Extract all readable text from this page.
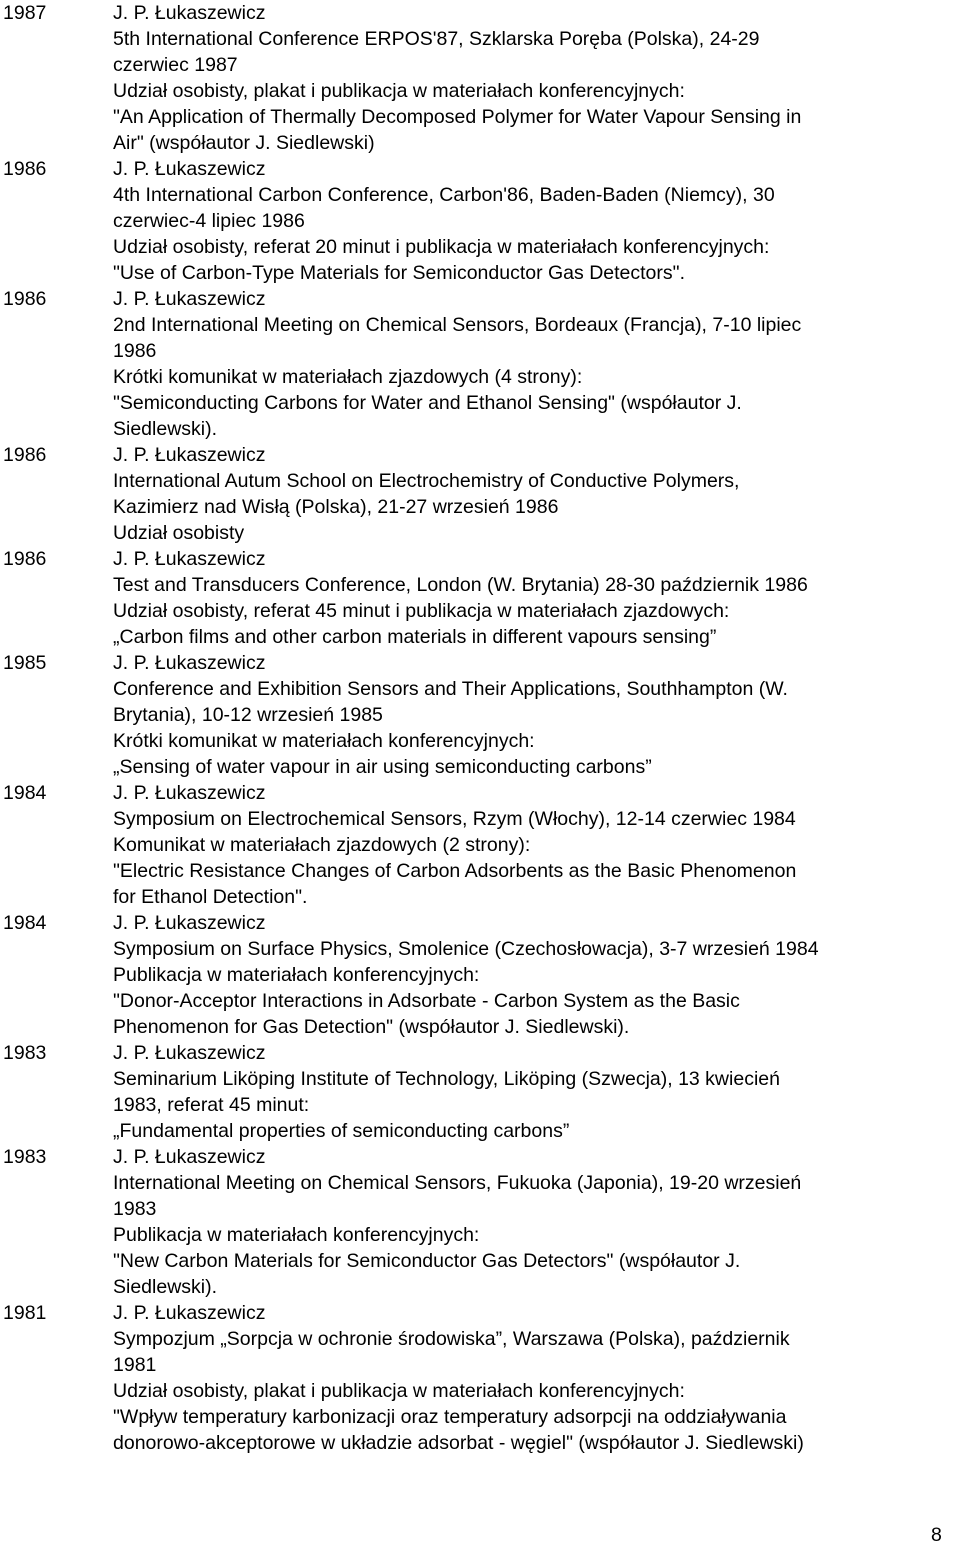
1987	J. P. Łukaszewicz
5th International Conference ERPOS'87, Szklarska Poręba (Polska), 24-29
czerwiec 1987
Udział osobisty, plakat i publikacja w materiałach konferencyjnych:
"An Application of Thermally Decomposed Polymer for Water Vapour Sensing in
Air" (współautor J. Siedlewski)
1986	J. P. Łukaszewicz
4th International Carbon Conference, Carbon'86, Baden-Baden (Niemcy), 30
czerwiec-4 lipiec 1986
Udział osobisty, referat 20 minut i publikacja w materiałach konferencyjnych:
"Use of Carbon-Type Materials for Semiconductor Gas Detectors".
1986	J. P. Łukaszewicz
2nd International Meeting on Chemical Sensors, Bordeaux (Francja), 7-10 lipiec
1986
Krótki komunikat w materiałach zjazdowych (4 strony):
"Semiconducting Carbons for Water and Ethanol Sensing" (współautor J.
Siedlewski).
1986	J. P. Łukaszewicz
International Autum School on Electrochemistry of Conductive Polymers,
Kazimierz nad Wisłą (Polska), 21-27 wrzesień 1986
Udział osobisty
1986	J. P. Łukaszewicz
Test and Transducers Conference, London (W. Brytania) 28-30 październik 1986
Udział osobisty, referat 45 minut i publikacja w materiałach zjazdowych:
„Carbon films and other carbon materials in different vapours sensing”
1985	J. P. Łukaszewicz
Conference and Exhibition Sensors and Their Applications, Southhampton (W.
Brytania), 10-12 wrzesień 1985
Krótki komunikat w materiałach konferencyjnych:
„Sensing of water vapour in air using semiconducting carbons”
1984	J. P. Łukaszewicz
Symposium on Electrochemical Sensors, Rzym (Włochy), 12-14 czerwiec 1984
Komunikat w materiałach zjazdowych (2 strony):
"Electric Resistance Changes of Carbon Adsorbents as the Basic Phenomenon
for Ethanol Detection".
1984	J. P. Łukaszewicz
Symposium on Surface Physics, Smolenice (Czechosłowacja), 3-7 wrzesień 1984
Publikacja w materiałach konferencyjnych:
"Donor-Acceptor Interactions in Adsorbate - Carbon System as the Basic
Phenomenon for Gas Detection" (współautor J. Siedlewski).
1983	J. P. Łukaszewicz
Seminarium Liköping Institute of Technology, Liköping (Szwecja), 13 kwiecień
1983, referat 45 minut:
„Fundamental properties of semiconducting carbons”
1983	J. P. Łukaszewicz
International Meeting on Chemical Sensors, Fukuoka (Japonia), 19-20 wrzesień
1983
Publikacja w materiałach konferencyjnych:
"New Carbon Materials for Semiconductor Gas Detectors" (współautor J.
Siedlewski).
1981	J. P. Łukaszewicz
Sympozjum „Sorpcja w ochronie środowiska”, Warszawa (Polska), październik
1981
Udział osobisty, plakat i publikacja w materiałach konferencyjnych:
"Wpływ temperatury karbonizacji oraz temperatury adsorpcji na oddziaływania
donorowo-akceptorowe w układzie adsorbat - węgiel" (współautor J. Siedlewski)
8
